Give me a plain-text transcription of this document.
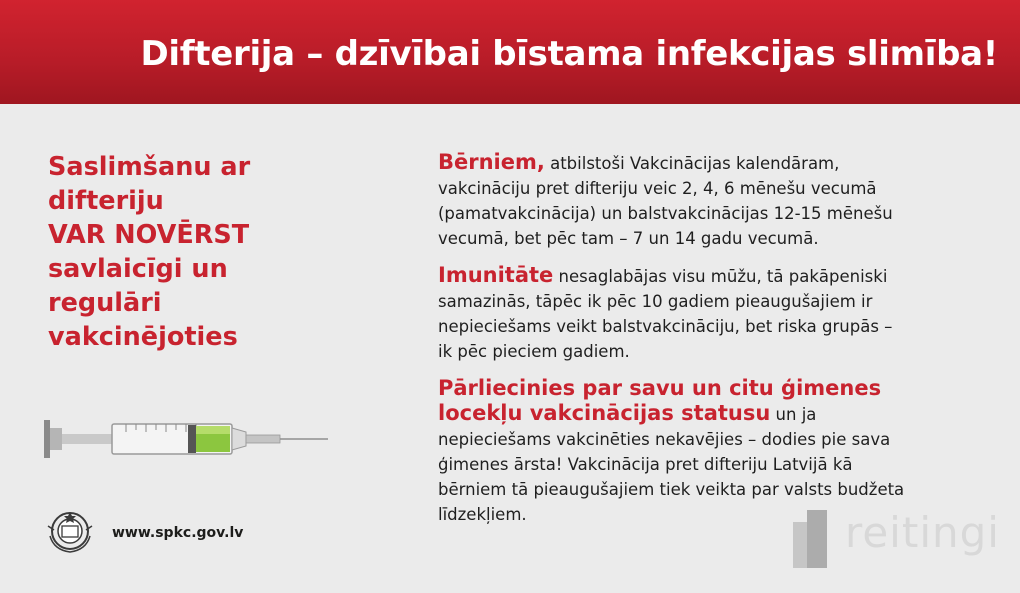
Difterija – dzīvībai bīstama infekcijas slimība!
Saslimšanu ar
difteriju
VAR NOVĒRST
savlaicīgi un
regulāri
vakcinējoties
www.spkc.gov.lv
Bērniem, atbilstoši Vakcinācijas kalendāram,
vakcināciju pret difteriju veic 2, 4, 6 mēnešu vecumā
(pamatvakcinācija) un balstvakcinācijas 12-15 mēnešu
vecumā, bet pēc tam – 7 un 14 gadu vecumā.
Imunitāte nesaglabājas visu mūžu, tā pakāpeniski
samazinās, tāpēc ik pēc 10 gadiem pieaugušajiem ir
nepieciešams veikt balstvakcināciju, bet riska grupās –
ik pēc pieciem gadiem.
Pārliecinies par savu un citu ģimenes
locekļu vakcinācijas statusu un ja
nepieciešams vakcinēties nekavējies – dodies pie sava
ģimenes ārsta! Vakcinācija pret difteriju Latvijā kā
bērniem tā pieaugušajiem tiek veikta par valsts budžeta
līdzekļiem.	reitingi
